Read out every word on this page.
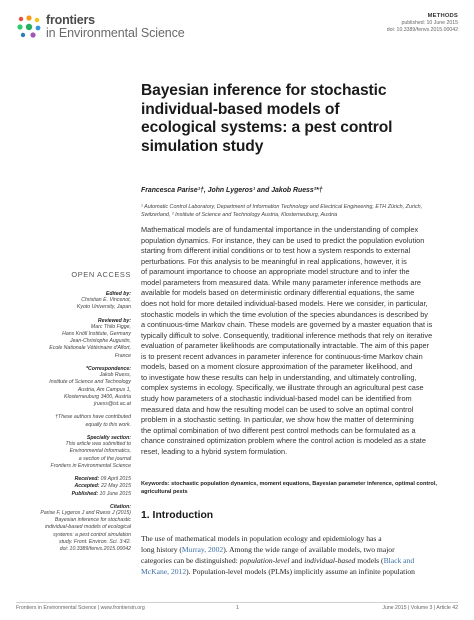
frontiers
in Environmental Science
METHODS
published: 10 June 2015
doi: 10.3389/fenvs.2015.00042
Bayesian inference for stochastic
individual-based models of
ecological systems: a pest control
simulation study
Francesca Parise¹†, John Lygeros¹ and Jakob Ruess²*†
¹ Automatic Control Laboratory, Department of Information Technology and Electrical Engineering, ETH Zürich, Zurich,
Switzerland, ² Institute of Science and Technology Austria, Klosterneuburg, Austria
Mathematical models are of fundamental importance in the understanding of complex
population dynamics. For instance, they can be used to predict the population evolution
starting from different initial conditions or to test how a system responds to external
perturbations. For this analysis to be meaningful in real applications, however, it is
of paramount importance to choose an appropriate model structure and to infer the
model parameters from measured data. While many parameter inference methods are
available for models based on deterministic ordinary differential equations, the same
does not hold for more detailed individual-based models. Here we consider, in particular,
stochastic models in which the time evolution of the species abundances is described by
a continuous-time Markov chain. These models are governed by a master equation that is
typically difficult to solve. Consequently, traditional inference methods that rely on iterative
evaluation of parameter likelihoods are computationally intractable. The aim of this paper
is to present recent advances in parameter inference for continuous-time Markov chain
models, based on a moment closure approximation of the parameter likelihood, and
to investigate how these results can help in understanding, and ultimately controlling,
complex systems in ecology. Specifically, we illustrate through an agricultural pest case
study how parameters of a stochastic individual-based model can be identified from
measured data and how the resulting model can be used to solve an optimal control
problem in a stochastic setting. In particular, we show how the matter of determining
the optimal combination of two different pest control methods can be formulated as a
chance constrained optimization problem where the control action is modeled as a state
reset, leading to a hybrid system formulation.
Keywords: stochastic population dynamics, moment equations, Bayesian parameter inference, optimal control,
agricultural pests
1. Introduction
The use of mathematical models in population ecology and epidemiology has a
long history (Murray, 2002). Among the wide range of available models, two major
categories can be distinguished: population-level and individual-based models (Black and
McKane, 2012). Population-level models (PLMs) implicitly assume an infinite population
OPEN ACCESS
Edited by:
Christian E. Vincenot,
Kyoto University, Japan
Reviewed by:
Marc Thilo Figge,
Hans Knöll Institute, Germany
Jean-Christophe Augustin,
Ecole Nationale Vétérinaire d'Alfort,
France
*Correspondence:
Jakob Ruess,
Institute of Science and Technology
Austria, Am Campus 1,
Klosterneuburg 3400, Austria
jruess@ist.ac.at
†These authors have contributed
equally to this work.
Specialty section:
This article was submitted to
Environmental Informatics,
a section of the journal
Frontiers in Environmental Science
Received: 09 April 2015
Accepted: 22 May 2015
Published: 10 June 2015
Citation:
Parise F, Lygeros J and Ruess J (2015)
Bayesian inference for stochastic
individual-based models of ecological
systems: a pest control simulation
study. Front. Environ. Sci. 3:42.
doi: 10.3389/fenvs.2015.00042
Frontiers in Environmental Science | www.frontiersin.org	1	June 2015 | Volume 3 | Article 42
